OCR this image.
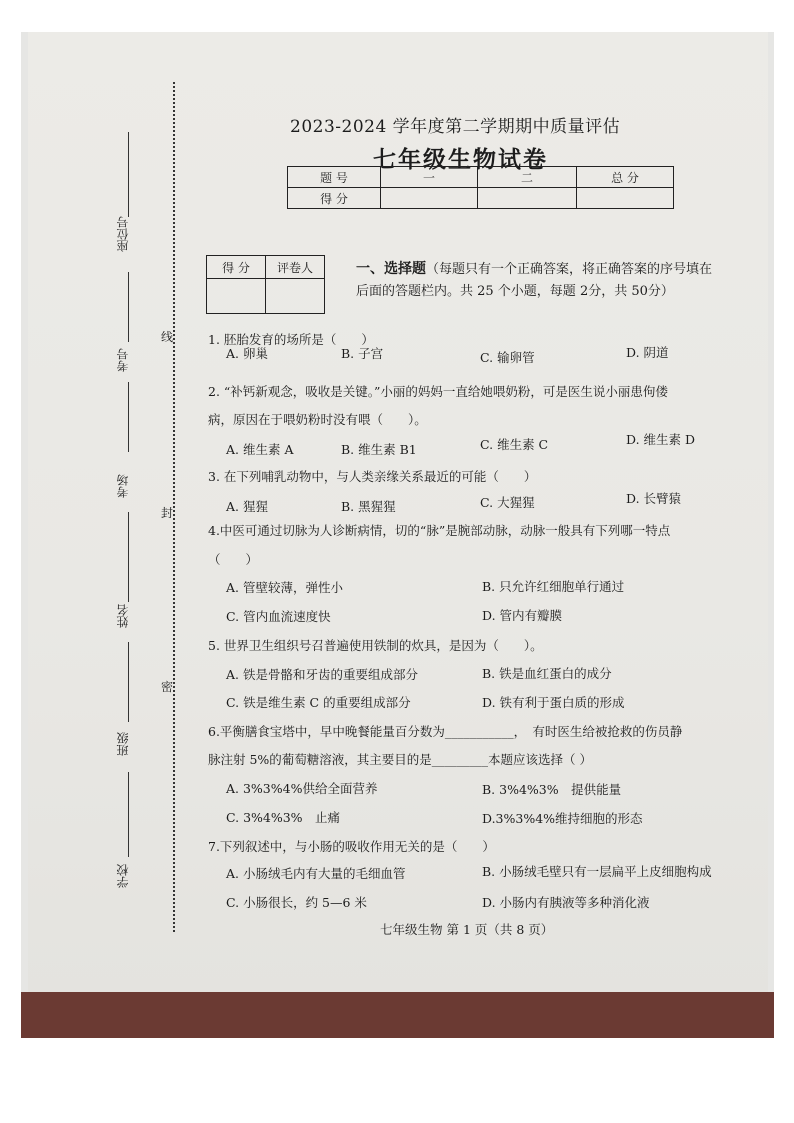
座位号
考号
考场
姓名
班级
学校
线
封
密
2023-2024 学年度第二学期期中质量评估
七年级生物试卷
题 号	一	二	总 分
得 分			
得 分	评卷人
		一、选择题（每题只有一个正确答案，将正确答案的序号填在
后面的答题栏内。共 25 个小题，每题 2分，共 50分）
1. 胚胎发育的场所是（　　）
A. 卵巢	B. 子宫	C. 输卵管	D. 阴道
2. “补钙新观念，吸收是关键。”小丽的妈妈一直给她喂奶粉，可是医生说小丽患佝偻
病，原因在于喂奶粉时没有喂（　　）。
A. 维生素 A	B. 维生素 B1	C. 维生素 C	D. 维生素 D
3. 在下列哺乳动物中，与人类亲缘关系最近的可能（　　）
A. 猩猩	B. 黑猩猩	C. 大猩猩	D. 长臂猿
4.中医可通过切脉为人诊断病情，切的“脉”是腕部动脉，动脉一般具有下列哪一特点
（　　）
A. 管壁较薄，弹性小	B. 只允许红细胞单行通过
C. 管内血流速度快	D. 管内有瓣膜
5. 世界卫生组织号召普遍使用铁制的炊具，是因为（　　）。
A. 铁是骨骼和牙齿的重要组成部分	B. 铁是血红蛋白的成分
C. 铁是维生素 C 的重要组成部分	D. 铁有利于蛋白质的形成
6.平衡膳食宝塔中，早中晚餐能量百分数为___________，　有时医生给被抢救的伤员静
脉注射 5%的葡萄糖溶液，其主要目的是_________本题应该选择（ ）
A. 3%3%4%供给全面营养	B. 3%4%3%　提供能量
C. 3%4%3%　止痛	D.3%3%4%维持细胞的形态
7.下列叙述中，与小肠的吸收作用无关的是（　　）
A. 小肠绒毛内有大量的毛细血管	B. 小肠绒毛壁只有一层扁平上皮细胞构成
C. 小肠很长，约 5—6 米	D. 小肠内有胰液等多种消化液
七年级生物 第 1 页（共 8 页）
